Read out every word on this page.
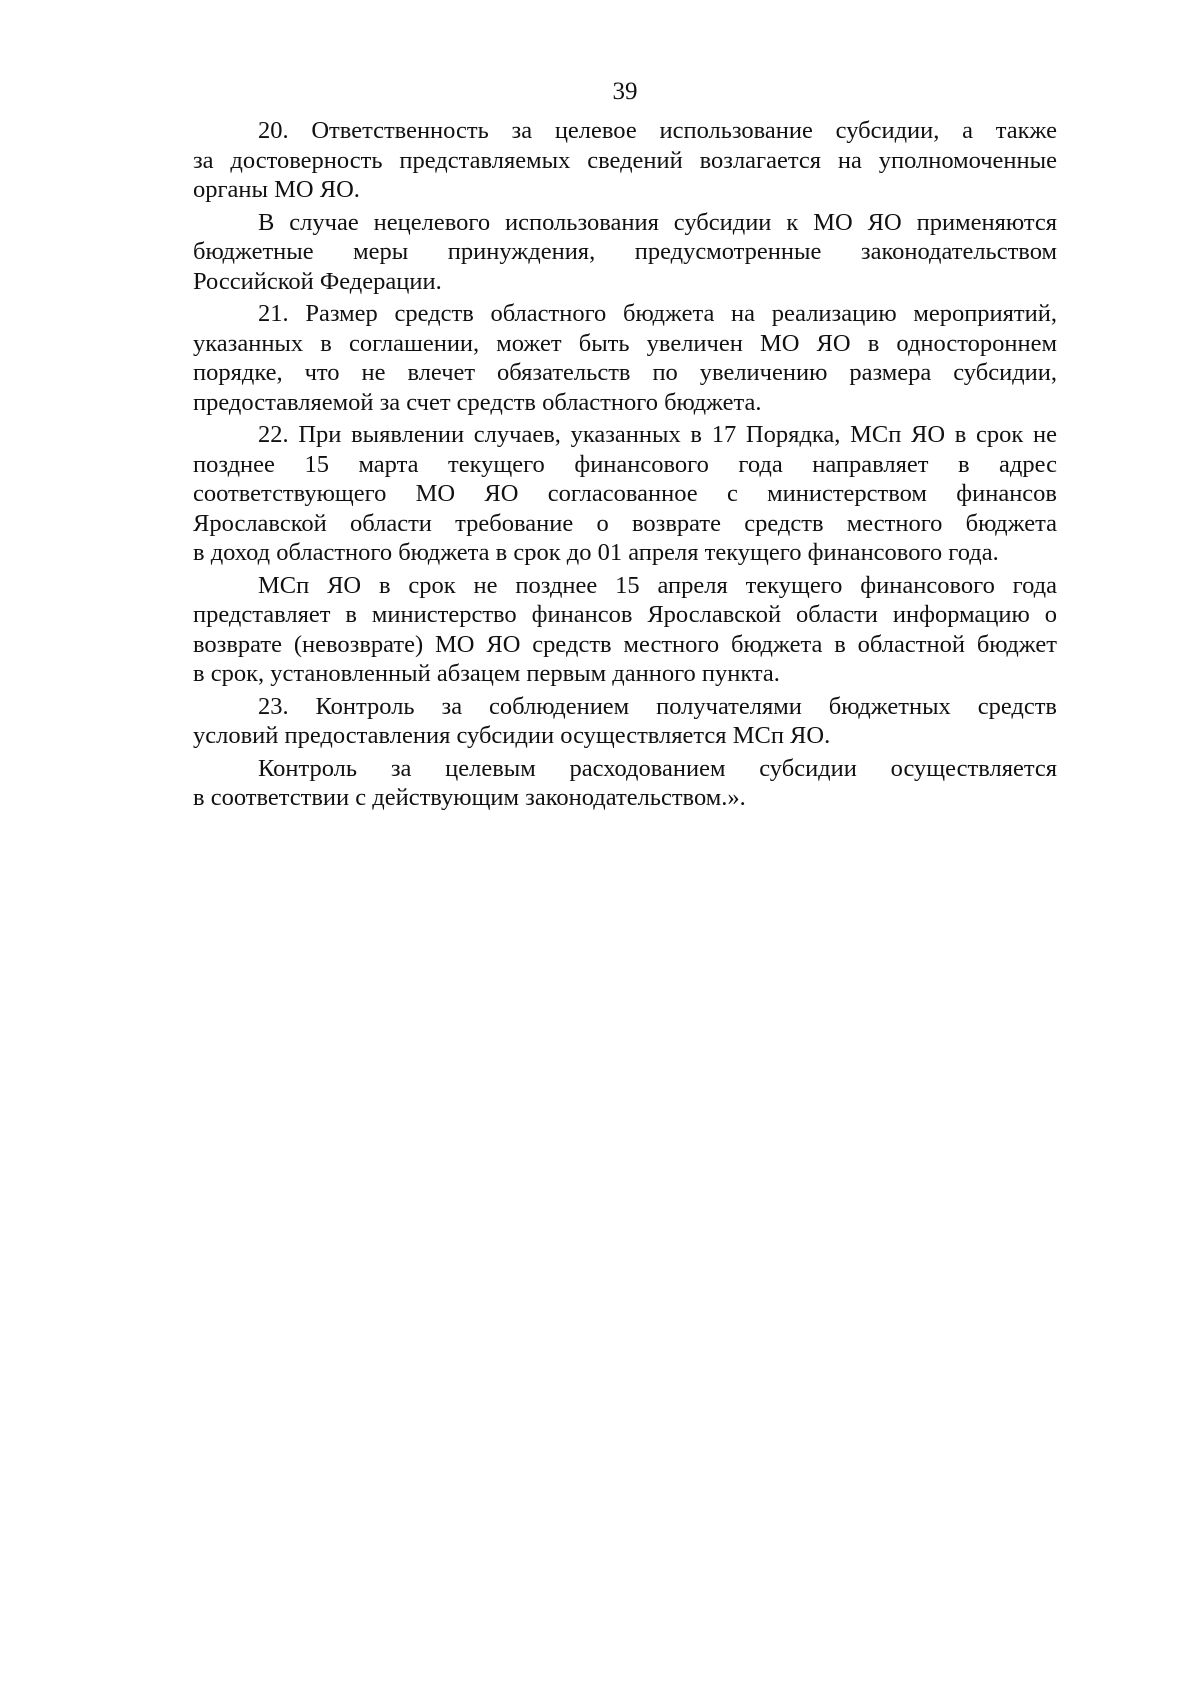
39
20. Ответственность за целевое использование субсидии, а также
за достоверность представляемых сведений возлагается на уполномоченные
органы МО ЯО.
В случае нецелевого использования субсидии к МО ЯО применяются
бюджетные меры принуждения, предусмотренные законодательством
Российской Федерации.
21. Размер средств областного бюджета на реализацию мероприятий,
указанных в соглашении, может быть увеличен МО ЯО в одностороннем
порядке, что не влечет обязательств по увеличению размера субсидии,
предоставляемой за счет средств областного бюджета.
22. При выявлении случаев, указанных в 17 Порядка, МСп ЯО в срок не
позднее 15 марта текущего финансового года направляет в адрес
соответствующего МО ЯО согласованное с министерством финансов
Ярославской области требование о возврате средств местного бюджета
в доход областного бюджета в срок до 01 апреля текущего финансового года.
МСп ЯО в срок не позднее 15 апреля текущего финансового года
представляет в министерство финансов Ярославской области информацию о
возврате (невозврате) МО ЯО средств местного бюджета в областной бюджет
в срок, установленный абзацем первым данного пункта.
23. Контроль за соблюдением получателями бюджетных средств
условий предоставления субсидии осуществляется МСп ЯО.
Контроль за целевым расходованием субсидии осуществляется
в соответствии с действующим законодательством.».
